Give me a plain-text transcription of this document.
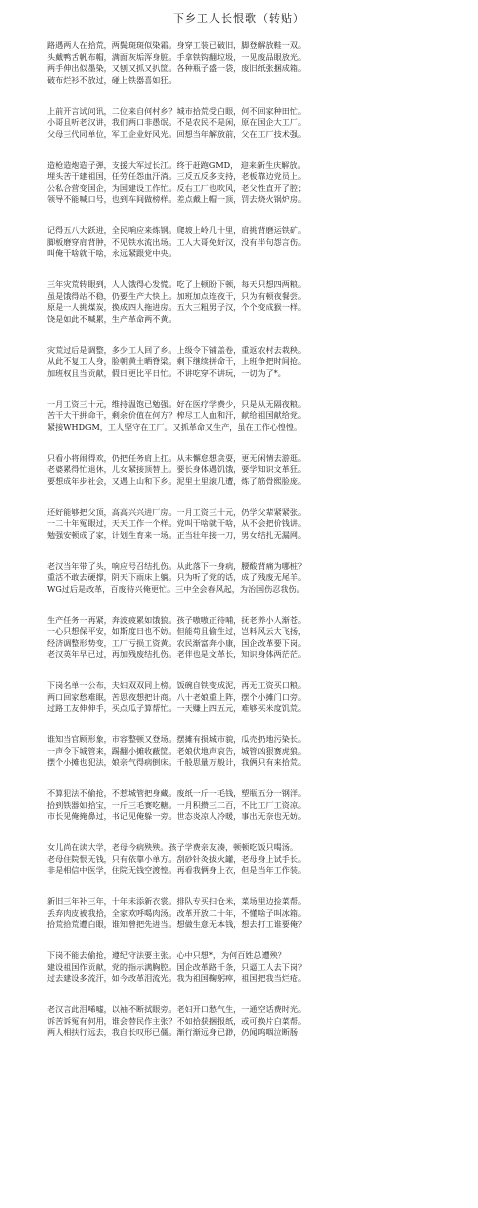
下乡工人长恨歌（转贴）
路遇两人在拾荒，两鬓斑斑似染霜。身穿工装已破旧，脚登解放鞋一双。
头戴鸭舌帆布帽，满面灰垢浑身脏。手拿铁钩翻垃圾，一见废品眼放光。
两手伸出似墨染，又刨又抓又扒筐。各种瓶子盛一袋，废旧纸张捆成箱。
破布烂衫不放过，碰上铁器喜如狂。
上前开言试问讯，二位来自何村乡？城市拾荒受白眼，何不回家种田忙。
小哥且听老汉讲，我们两口非愚氓。不是农民不是闲，原在国企大工厂。
父母三代同单位，军工企业好风光。回想当年解放前，父在工厂技术强。
造枪造炮造子弹，支援大军过长江。终于赶跑GMD， 迎来新生庆解放。
埋头苦干建祖国，任劳任怨血汗淌。三反五反多支持，老板靠边党员上。
公私合营变国企，为国建设工作忙。反右工厂也吹风，老父性直开了腔；
领导不能喊口号，也到车间做榜样。差点戴上帽一顶，罚去烧火锅炉房。
记得五八大跃进，全民响应来炼钢。爬坡上岭几十里，肩挑背磨运铁矿。
脚板磨穿肩背肿，不见铁水流出场。工人大哥免好汉，没有半句怨言伤。
叫俺干啥就干啥，永远紧跟党中央。
三年灾荒转眼到，人人饿得心发慌。吃了上顿盼下顿，每天只想四两粮。
虽是饿得站不稳，仍要生产大快上。加班加点连夜干，只为有顿夜餐尝。
原是一人挑煤炭，换成四人拖进房。五大三粗男子汉，个个变成猴一样。
饶是如此不喊累，生产革命两不黄。
灾荒过后是调整，多少工人回了乡。上级令下铺盖卷，重返农村去栽秧。
从此不复工人身，脸朝黄土晒脊梁。剩下继续拼命干，上班争把时间抢。
加班权且当贡献，假日更比平日忙。不讲吃穿不讲玩，一切为了*。
一月工资三十元，维持温饱已勉强。好在医疗学费少，只是从无隔夜粮。
苦干大干拼命干，剩余价值在何方？榨尽工人血和汗，献给祖国献给党。
紧接WHDGM，工人坚守在工厂。又抓革命又生产，虽在工作心惶惶。
只看小将闹得欢，仍把任务肩上扛。从未懈怠想贪耍，更无闲情去游逛。
老婆累得忙退休，儿女紧接顶替上。要长身体遇饥饿，要学知识文革狂。
要想成年步社会，又遇上山和下乡。泥里土里滚几遭，炼了筋骨熙脸庞。
还好能够把父顶，高高兴兴进厂房。一月工资三十元，仍学父辈紧紧张。
一二十年冤眼过，天天工作一个样。党叫干啥就干啥，从不会把价钱讲。
勉强安顿成了家，计划生育来一场。正当壮年接一刀，男女结扎无漏网。
老汉当年带了头，响应号召结扎伤。从此落下一身病，腰酸背痛为哪桩？
重活不敢去硬撑，阴天下雨床上躺。只为听了党的话，成了残废无尾羊。
WG过后是改革，百废待兴俺更忙。三中全会春风起，为治国伤忍我伤。
生产任务一再紧，奔波疲累如饿狼。孩子嗷嗷正待哺，抚老养小人渐苍。
一心只想保平安，如斯度日也不妨。但能苟且偷生过，岂料风云大飞扬，
经济调整形势变，工厂亏损工资黄。农民渐富奔小康，国企改革要下岗。
老汉英年早已过，再加残废结扎伤。老伴也是文革长，知识身体两茫茫。
下岗名单一公布，夫妇双双同上榜。饭碗自铁变成泥，再无工资买口粮。
两口回家愁难眠，苦思夜想把计商。八十老娘重上阵，摆个小摊门口旁。
过路工友伸伸手，买点瓜子算帮忙。一天赚上四五元，难够买米度饥荒。
谁知当官顾形象，市容整顿又登场。摆摊有损城市貌，瓜壳扔地污染长。
一声令下城管来，踢翻小摊收蔽筐。老娘伏地声哀告，城管凶狠赛虎狼。
摆个小摊也犯法，娘亲气得病倒床。千般思量万般计，我俩只有来拾荒。
不算犯法不偷抢，不惹城管把身藏。废纸一斤一毛钱，塑瓶五分一钢洋。
拾到铁器如拾宝，一斤三毛赛吃糖。一月积攒三二百，不比工厂工资凉。
市长见俺掩鼻过，书记见俺躲一旁。世态炎凉人冷暖，事出无奈也无妨。
女儿尚在读大学，老母今病殃殃。孩子学费亲友凑，顿顿吃饭只喝汤。
老母住院恨无钱，只有依靠小单方。刮砂针灸拔火罐，老母身上试手长。
非是相信中医学，住院无钱空渡惶。再看我俩身上衣，但是当年工作装。
新旧三年补三年，十年未添新衣裳。排队专买扫仓米，菜场里边捡菜帮。
丢弃肉皮被我拾，全家欢呼喝肉汤。改革开放二十年，不懂啥子叫冰箱。
拾荒拾荒遭白眼，谁知曾把先进当。想做生意无本钱，想去打工谁要俺？
下岗不能去偷抢，遵纪守法要主张。心中只想*，为何百姓总遭殃？
建设祖国作贡献，党的指示满胸腔。国企改革路千条，只逼工人去下岗？
过去建设多流汗，如今改革泪流光。我为祖国鞠躬瘁，祖国把我当烂疮。
老汉言此泪唏嘘，以袖不断拭眼旁。老妇开口愁气生，一通空话费时光。
诉苦诉冤有何用，谁会替民作主张？不如拾获捆报纸，或可换片白菜帮。
两人相扶行远去，我自长叹形已僵。渐行渐远身已渺，仍闻呜咽泣断肠
